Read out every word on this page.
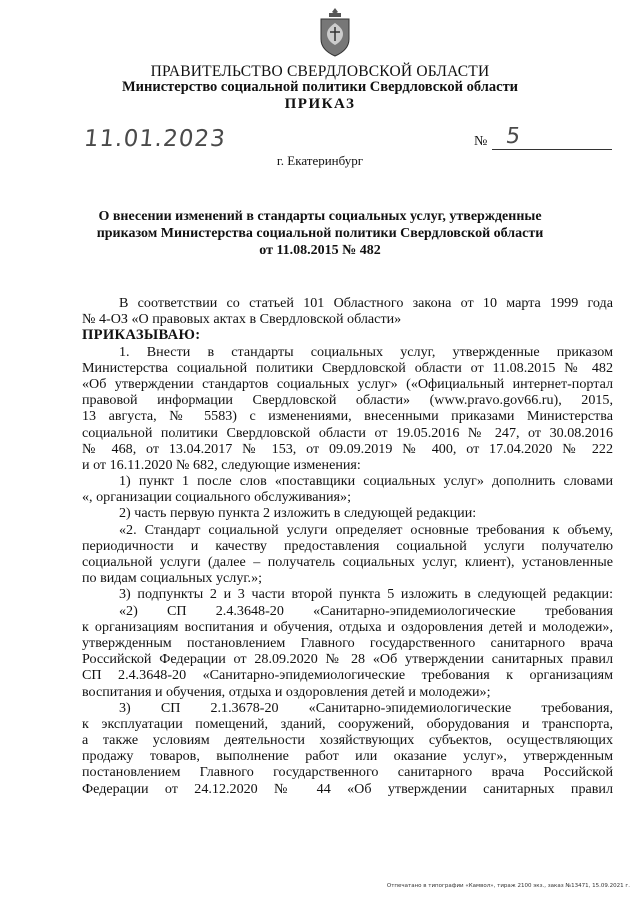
ПРАВИТЕЛЬСТВО СВЕРДЛОВСКОЙ ОБЛАСТИ
Министерство социальной политики Свердловской области
ПРИКАЗ
11.01.2023	№ 5
г. Екатеринбург
О внесении изменений в стандарты социальных услуг, утвержденные
приказом Министерства социальной политики Свердловской области
от 11.08.2015 № 482
В соответствии со статьей 101 Областного закона от 10 марта 1999 года
№ 4-ОЗ «О правовых актах в Свердловской области»
ПРИКАЗЫВАЮ:
1. Внести в стандарты социальных услуг, утвержденные приказом
Министерства социальной политики Свердловской области от 11.08.2015 № 482
«Об утверждении стандартов социальных услуг» («Официальный интернет-портал
правовой информации Свердловской области» (www.pravo.gov66.ru), 2015,
13 августа, № 5583) с изменениями, внесенными приказами Министерства
социальной политики Свердловской области от 19.05.2016 № 247, от 30.08.2016
№ 468, от 13.04.2017 № 153, от 09.09.2019 № 400, от 17.04.2020 № 222
и от 16.11.2020 № 682, следующие изменения:
1) пункт 1 после слов «поставщики социальных услуг» дополнить словами
«, организации социального обслуживания»;
2) часть первую пункта 2 изложить в следующей редакции:
«2. Стандарт социальной услуги определяет основные требования к объему,
периодичности и качеству предоставления социальной услуги получателю
социальной услуги (далее – получатель социальных услуг, клиент), установленные
по видам социальных услуг.»;
3) подпункты 2 и 3 части второй пункта 5 изложить в следующей редакции:
«2) СП 2.4.3648-20 «Санитарно-эпидемиологические требования
к организациям воспитания и обучения, отдыха и оздоровления детей и молодежи»,
утвержденным постановлением Главного государственного санитарного врача
Российской Федерации от 28.09.2020 № 28 «Об утверждении санитарных правил
СП 2.4.3648-20 «Санитарно-эпидемиологические требования к организациям
воспитания и обучения, отдыха и оздоровления детей и молодежи»;
3) СП 2.1.3678-20 «Санитарно-эпидемиологические требования,
к эксплуатации помещений, зданий, сооружений, оборудования и транспорта,
а также условиям деятельности хозяйствующих субъектов, осуществляющих
продажу товаров, выполнение работ или оказание услуг», утвержденным
постановлением Главного государственного санитарного врача Российской
Федерации от 24.12.2020 № 44 «Об утверждении санитарных правил
Отпечатано в типографии «Камвол», тираж 2100 экз., заказ №13471, 15.09.2021 г.
